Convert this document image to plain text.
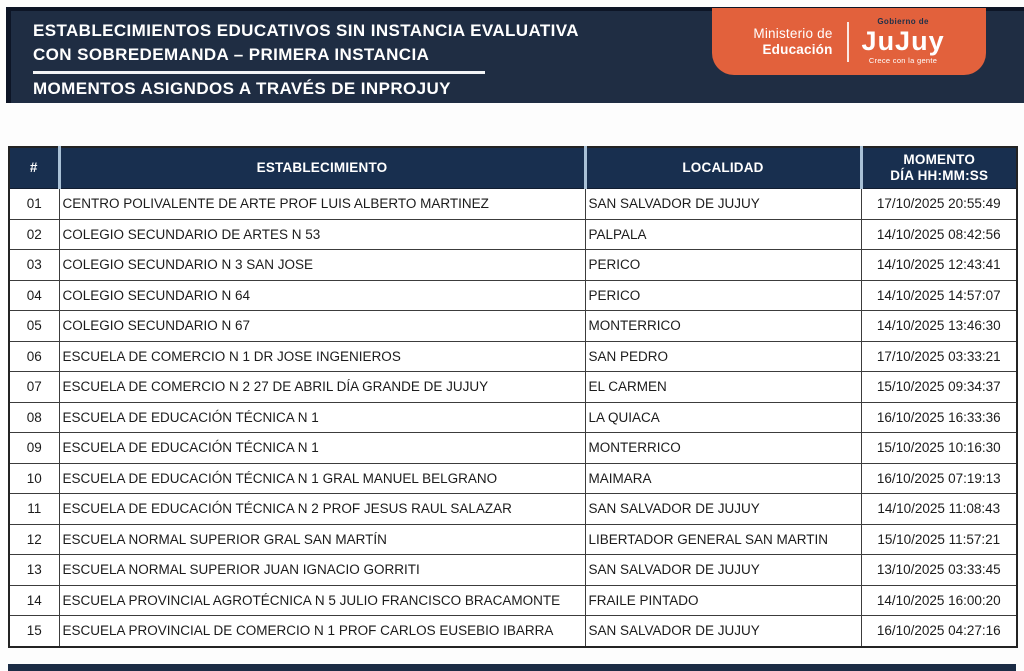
ESTABLECIMIENTOS EDUCATIVOS SIN INSTANCIA EVALUATIVA
CON SOBREDEMANDA – PRIMERA INSTANCIA
MOMENTOS ASIGNDOS A TRAVÉS DE INPROJUY
Ministerio de
Educación
Gobierno de
JuJuy
Crece con la gente
#	ESTABLECIMIENTO	LOCALIDAD	MOMENTO
DÍA HH:MM:SS

01	CENTRO POLIVALENTE DE ARTE PROF LUIS ALBERTO MARTINEZ	SAN SALVADOR DE JUJUY	17/10/2025 20:55:49
02	COLEGIO SECUNDARIO DE ARTES N 53	PALPALA	14/10/2025 08:42:56
03	COLEGIO SECUNDARIO N 3 SAN JOSE	PERICO	14/10/2025 12:43:41
04	COLEGIO SECUNDARIO N 64	PERICO	14/10/2025 14:57:07
05	COLEGIO SECUNDARIO N 67	MONTERRICO	14/10/2025 13:46:30
06	ESCUELA DE COMERCIO N 1 DR JOSE INGENIEROS	SAN PEDRO	17/10/2025 03:33:21
07	ESCUELA DE COMERCIO N 2 27 DE ABRIL DÍA GRANDE DE JUJUY	EL CARMEN	15/10/2025 09:34:37
08	ESCUELA DE EDUCACIÓN TÉCNICA N 1	LA QUIACA	16/10/2025 16:33:36
09	ESCUELA DE EDUCACIÓN TÉCNICA N 1	MONTERRICO	15/10/2025 10:16:30
10	ESCUELA DE EDUCACIÓN TÉCNICA N 1 GRAL MANUEL BELGRANO	MAIMARA	16/10/2025 07:19:13
11	ESCUELA DE EDUCACIÓN TÉCNICA N 2 PROF JESUS RAUL SALAZAR	SAN SALVADOR DE JUJUY	14/10/2025 11:08:43
12	ESCUELA NORMAL SUPERIOR GRAL SAN MARTÍN	LIBERTADOR GENERAL SAN MARTIN	15/10/2025 11:57:21
13	ESCUELA NORMAL SUPERIOR JUAN IGNACIO GORRITI	SAN SALVADOR DE JUJUY	13/10/2025 03:33:45
14	ESCUELA PROVINCIAL AGROTÉCNICA N 5 JULIO FRANCISCO BRACAMONTE	FRAILE PINTADO	14/10/2025 16:00:20
15	ESCUELA PROVINCIAL DE COMERCIO N 1 PROF CARLOS EUSEBIO IBARRA	SAN SALVADOR DE JUJUY	16/10/2025 04:27:16
